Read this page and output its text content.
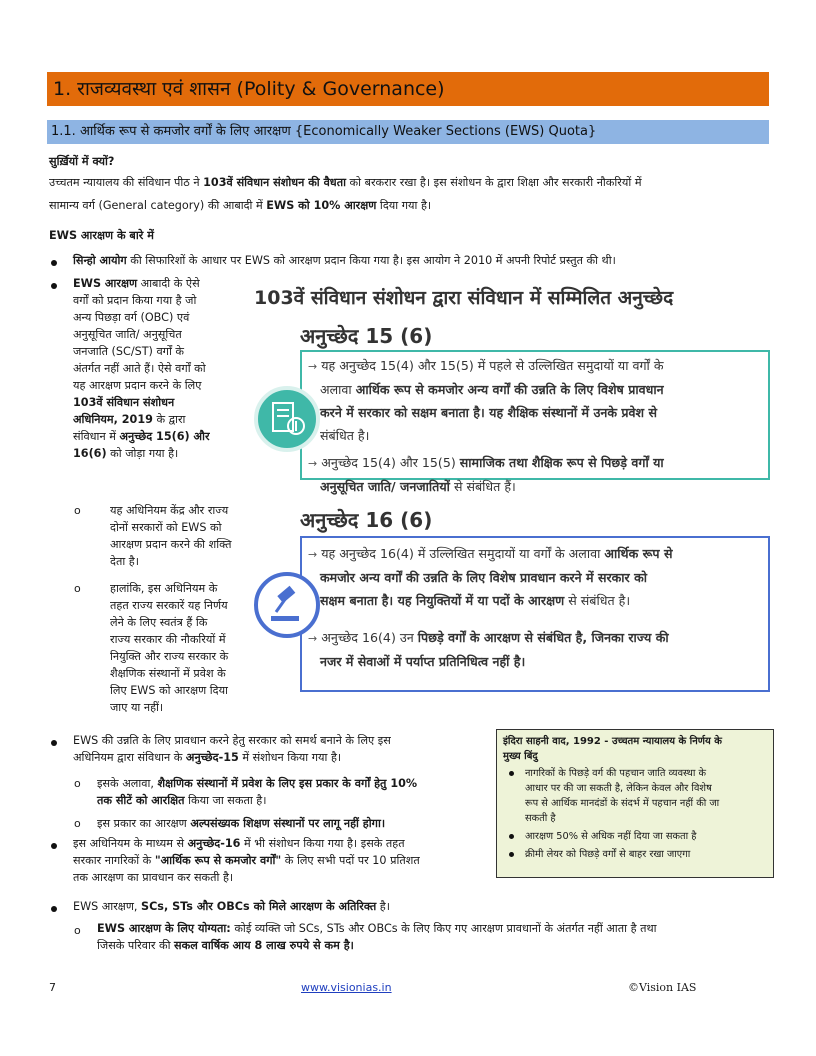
1. राजव्यवस्था एवं शासन (Polity & Governance)
1.1. आर्थिक रूप से कमजोर वर्गों के लिए आरक्षण {Economically Weaker Sections (EWS) Quota}
सुर्ख़ियों में क्यों?
उच्चतम न्यायालय की संविधान पीठ ने 103वें संविधान संशोधन की वैधता को बरकरार रखा है। इस संशोधन के द्वारा शिक्षा और सरकारी नौकरियों में
सामान्य वर्ग (General category) की आबादी में EWS को 10% आरक्षण दिया गया है।
EWS आरक्षण के बारे में
सिन्हो आयोग की सिफारिशों के आधार पर EWS को आरक्षण प्रदान किया गया है। इस आयोग ने 2010 में अपनी रिपोर्ट प्रस्तुत की थी।
EWS आरक्षण आबादी के ऐसे
वर्गों को प्रदान किया गया है जो
अन्य पिछड़ा वर्ग (OBC) एवं
अनुसूचित जाति/ अनुसूचित
जनजाति (SC/ST) वर्गों के
अंतर्गत नहीं आते हैं। ऐसे वर्गों को
यह आरक्षण प्रदान करने के लिए
103वें संविधान संशोधन
अधिनियम, 2019 के द्वारा
संविधान में अनुच्छेद 15(6) और
16(6) को जोड़ा गया है।
o	यह अधिनियम केंद्र और राज्य
दोनों सरकारों को EWS को
आरक्षण प्रदान करने की शक्ति
देता है।
o	हालांकि, इस अधिनियम के
तहत राज्य सरकारें यह निर्णय
लेने के लिए स्वतंत्र हैं कि
राज्य सरकार की नौकरियों में
नियुक्ति और राज्य सरकार के
शैक्षणिक संस्थानों में प्रवेश के
लिए EWS को आरक्षण दिया
जाए या नहीं।
103वें संविधान संशोधन द्वारा संविधान में सम्मिलित अनुच्छेद
अनुच्छेद 15 (6)
→ यह अनुच्छेद 15(4) और 15(5) में पहले से उल्लिखित समुदायों या वर्गों के
अलावा आर्थिक रूप से कमजोर अन्य वर्गों की उन्नति के लिए विशेष प्रावधान
करने में सरकार को सक्षम बनाता है। यह शैक्षिक संस्थानों में उनके प्रवेश से
संबंधित है।
→ अनुच्छेद 15(4) और 15(5) सामाजिक तथा शैक्षिक रूप से पिछड़े वर्गों या
अनुसूचित जाति/ जनजातियों से संबंधित हैं।
अनुच्छेद 16 (6)
→ यह अनुच्छेद 16(4) में उल्लिखित समुदायों या वर्गों के अलावा आर्थिक रूप से
कमजोर अन्य वर्गों की उन्नति के लिए विशेष प्रावधान करने में सरकार को
सक्षम बनाता है। यह नियुक्तियों में या पदों के आरक्षण से संबंधित है।
→ अनुच्छेद 16(4) उन पिछड़े वर्गों के आरक्षण से संबंधित है, जिनका राज्य की
नजर में सेवाओं में पर्याप्त प्रतिनिधित्व नहीं है।
EWS की उन्नति के लिए प्रावधान करने हेतु सरकार को समर्थ बनाने के लिए इस
अधिनियम द्वारा संविधान के अनुच्छेद-15 में संशोधन किया गया है।
o इसके अलावा, शैक्षणिक संस्थानों में प्रवेश के लिए इस प्रकार के वर्गों हेतु 10%
तक सीटें को आरक्षित किया जा सकता है।
o इस प्रकार का आरक्षण अल्पसंख्यक शिक्षण संस्थानों पर लागू नहीं होगा।
इस अधिनियम के माध्यम से अनुच्छेद-16 में भी संशोधन किया गया है। इसके तहत
सरकार नागरिकों के "आर्थिक रूप से कमजोर वर्गों" के लिए सभी पदों पर 10 प्रतिशत
तक आरक्षण का प्रावधान कर सकती है।
इंदिरा साहनी वाद, 1992 - उच्चतम न्यायालय के निर्णय के
मुख्य बिंदु
नागरिकों के पिछड़े वर्ग की पहचान जाति व्यवस्था के
आधार पर की जा सकती है, लेकिन केवल और विशेष
रूप से आर्थिक मानदंडों के संदर्भ में पहचान नहीं की जा
सकती है
आरक्षण 50% से अधिक नहीं दिया जा सकता है
क्रीमी लेयर को पिछड़े वर्गों से बाहर रखा जाएगा
EWS आरक्षण, SCs, STs और OBCs को मिले आरक्षण के अतिरिक्त है।
o EWS आरक्षण के लिए योग्यता: कोई व्यक्ति जो SCs, STs और OBCs के लिए किए गए आरक्षण प्रावधानों के अंतर्गत नहीं आता है तथा
जिसके परिवार की सकल वार्षिक आय 8 लाख रुपये से कम है।
7	www.visionias.in	©Vision IAS
